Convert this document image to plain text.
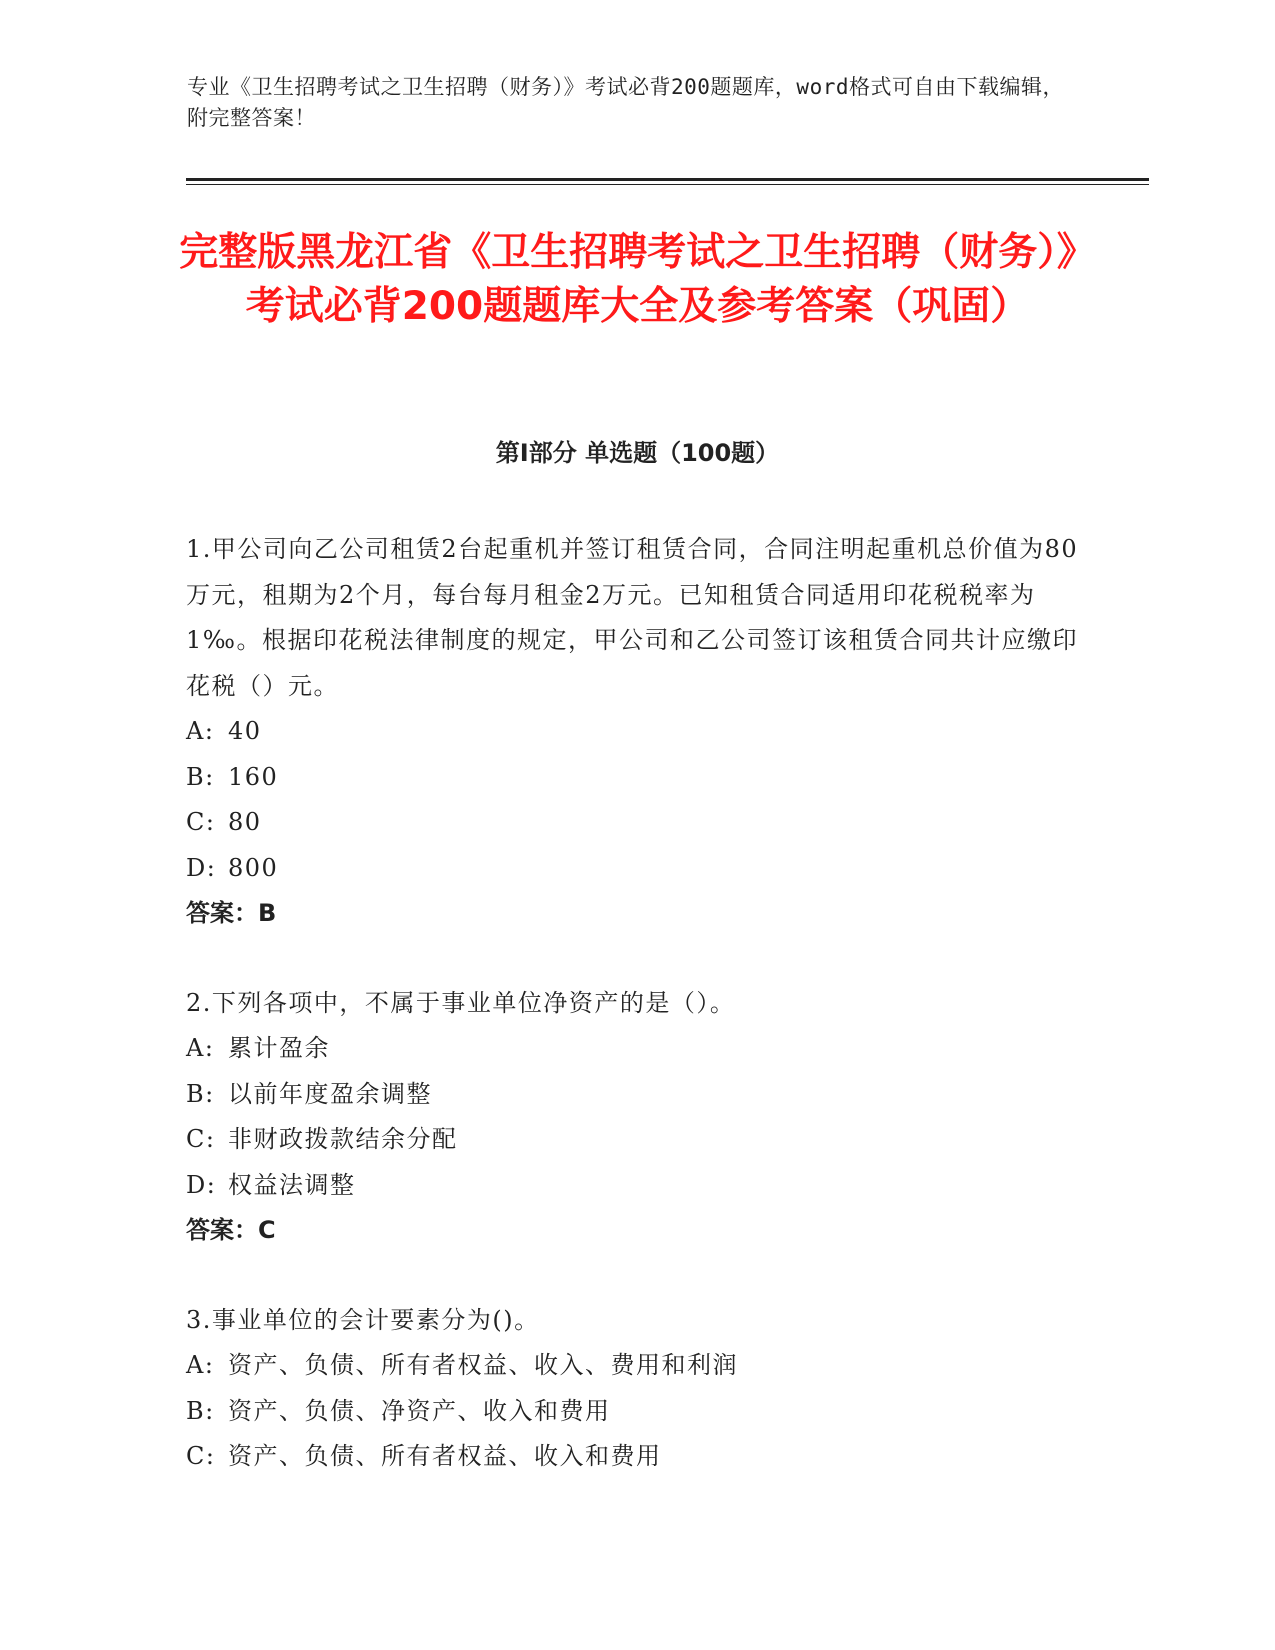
专业《卫生招聘考试之卫生招聘（财务）》考试必背200题题库，word格式可自由下载编辑，附完整答案！
完整版黑龙江省《卫生招聘考试之卫生招聘（财务）》考试必背200题题库大全及参考答案（巩固）
第Ⅰ部分 单选题（100题）

1.甲公司向乙公司租赁2台起重机并签订租赁合同，合同注明起重机总价值为80万元，租期为2个月，每台每月租金2万元。已知租赁合同适用印花税税率为1‰。根据印花税法律制度的规定，甲公司和乙公司签订该租赁合同共计应缴印花税（）元。

A: 40

B: 160

C: 80

D: 800

答案：B

2.下列各项中，不属于事业单位净资产的是（）。

A: 累计盈余

B: 以前年度盈余调整

C: 非财政拨款结余分配

D: 权益法调整

答案：C

3.事业单位的会计要素分为()。

A: 资产、负债、所有者权益、收入、费用和利润

B: 资产、负债、净资产、收入和费用

C: 资产、负债、所有者权益、收入和费用
